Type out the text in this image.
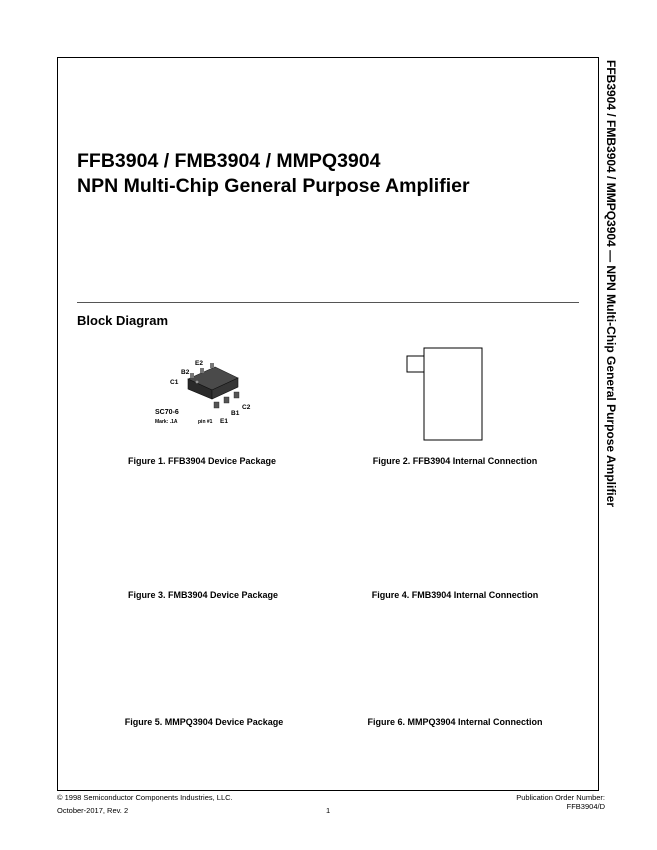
FFB3904 / FMB3904 / MMPQ3904
NPN Multi-Chip General Purpose Amplifier	FFB3904 / FMB3904 / MMPQ3904 — NPN Multi-Chip General Purpose Amplifier
Block Diagram
E2
B2
C1
C2
B1
E1
SC70-6
Mark: .1A	pin #1
Figure 1. FFB3904 Device Package	Figure 2. FFB3904 Internal Connection
Figure 3. FMB3904 Device Package	Figure 4. FMB3904 Internal Connection
Figure 5. MMPQ3904 Device Package	Figure 6. MMPQ3904 Internal Connection
© 1998 Semiconductor Components Industries, LLC.
October-2017, Rev. 2	1
Publication Order Number:
FFB3904/D
